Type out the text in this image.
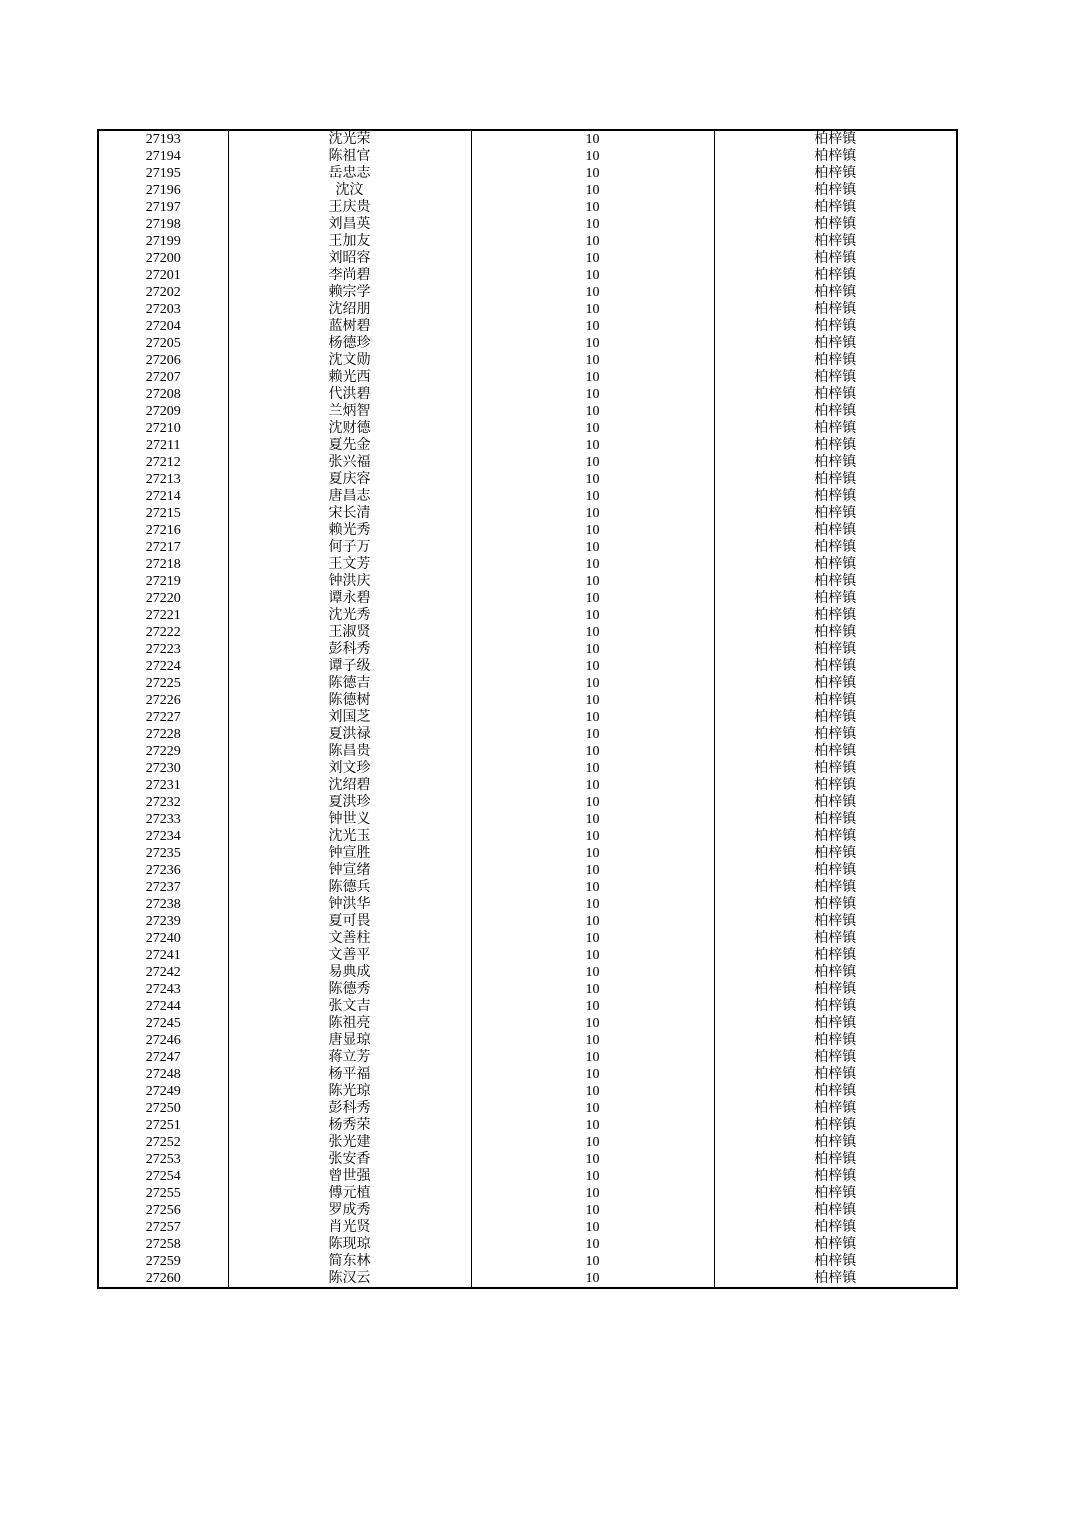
27193	沈光荣	10	柏梓镇
27194	陈祖官	10	柏梓镇
27195	岳忠志	10	柏梓镇
27196	沈汶	10	柏梓镇
27197	王庆贵	10	柏梓镇
27198	刘昌英	10	柏梓镇
27199	王加友	10	柏梓镇
27200	刘昭容	10	柏梓镇
27201	李尚碧	10	柏梓镇
27202	赖宗学	10	柏梓镇
27203	沈绍朋	10	柏梓镇
27204	蓝树碧	10	柏梓镇
27205	杨德珍	10	柏梓镇
27206	沈文勋	10	柏梓镇
27207	赖光西	10	柏梓镇
27208	代洪碧	10	柏梓镇
27209	兰炳智	10	柏梓镇
27210	沈财德	10	柏梓镇
27211	夏先金	10	柏梓镇
27212	张兴福	10	柏梓镇
27213	夏庆容	10	柏梓镇
27214	唐昌志	10	柏梓镇
27215	宋长清	10	柏梓镇
27216	赖光秀	10	柏梓镇
27217	何子万	10	柏梓镇
27218	王文芳	10	柏梓镇
27219	钟洪庆	10	柏梓镇
27220	谭永碧	10	柏梓镇
27221	沈光秀	10	柏梓镇
27222	王淑贤	10	柏梓镇
27223	彭科秀	10	柏梓镇
27224	谭子级	10	柏梓镇
27225	陈德吉	10	柏梓镇
27226	陈德树	10	柏梓镇
27227	刘国芝	10	柏梓镇
27228	夏洪禄	10	柏梓镇
27229	陈昌贵	10	柏梓镇
27230	刘文珍	10	柏梓镇
27231	沈绍碧	10	柏梓镇
27232	夏洪珍	10	柏梓镇
27233	钟世义	10	柏梓镇
27234	沈光玉	10	柏梓镇
27235	钟宣胜	10	柏梓镇
27236	钟宣绪	10	柏梓镇
27237	陈德兵	10	柏梓镇
27238	钟洪华	10	柏梓镇
27239	夏可畏	10	柏梓镇
27240	文善柱	10	柏梓镇
27241	文善平	10	柏梓镇
27242	易典成	10	柏梓镇
27243	陈德秀	10	柏梓镇
27244	张文吉	10	柏梓镇
27245	陈祖亮	10	柏梓镇
27246	唐显琼	10	柏梓镇
27247	蒋立芳	10	柏梓镇
27248	杨平福	10	柏梓镇
27249	陈光琼	10	柏梓镇
27250	彭科秀	10	柏梓镇
27251	杨秀荣	10	柏梓镇
27252	张光建	10	柏梓镇
27253	张安香	10	柏梓镇
27254	曾世强	10	柏梓镇
27255	傅元植	10	柏梓镇
27256	罗成秀	10	柏梓镇
27257	肖光贤	10	柏梓镇
27258	陈现琼	10	柏梓镇
27259	简东林	10	柏梓镇
27260	陈汉云	10	柏梓镇
